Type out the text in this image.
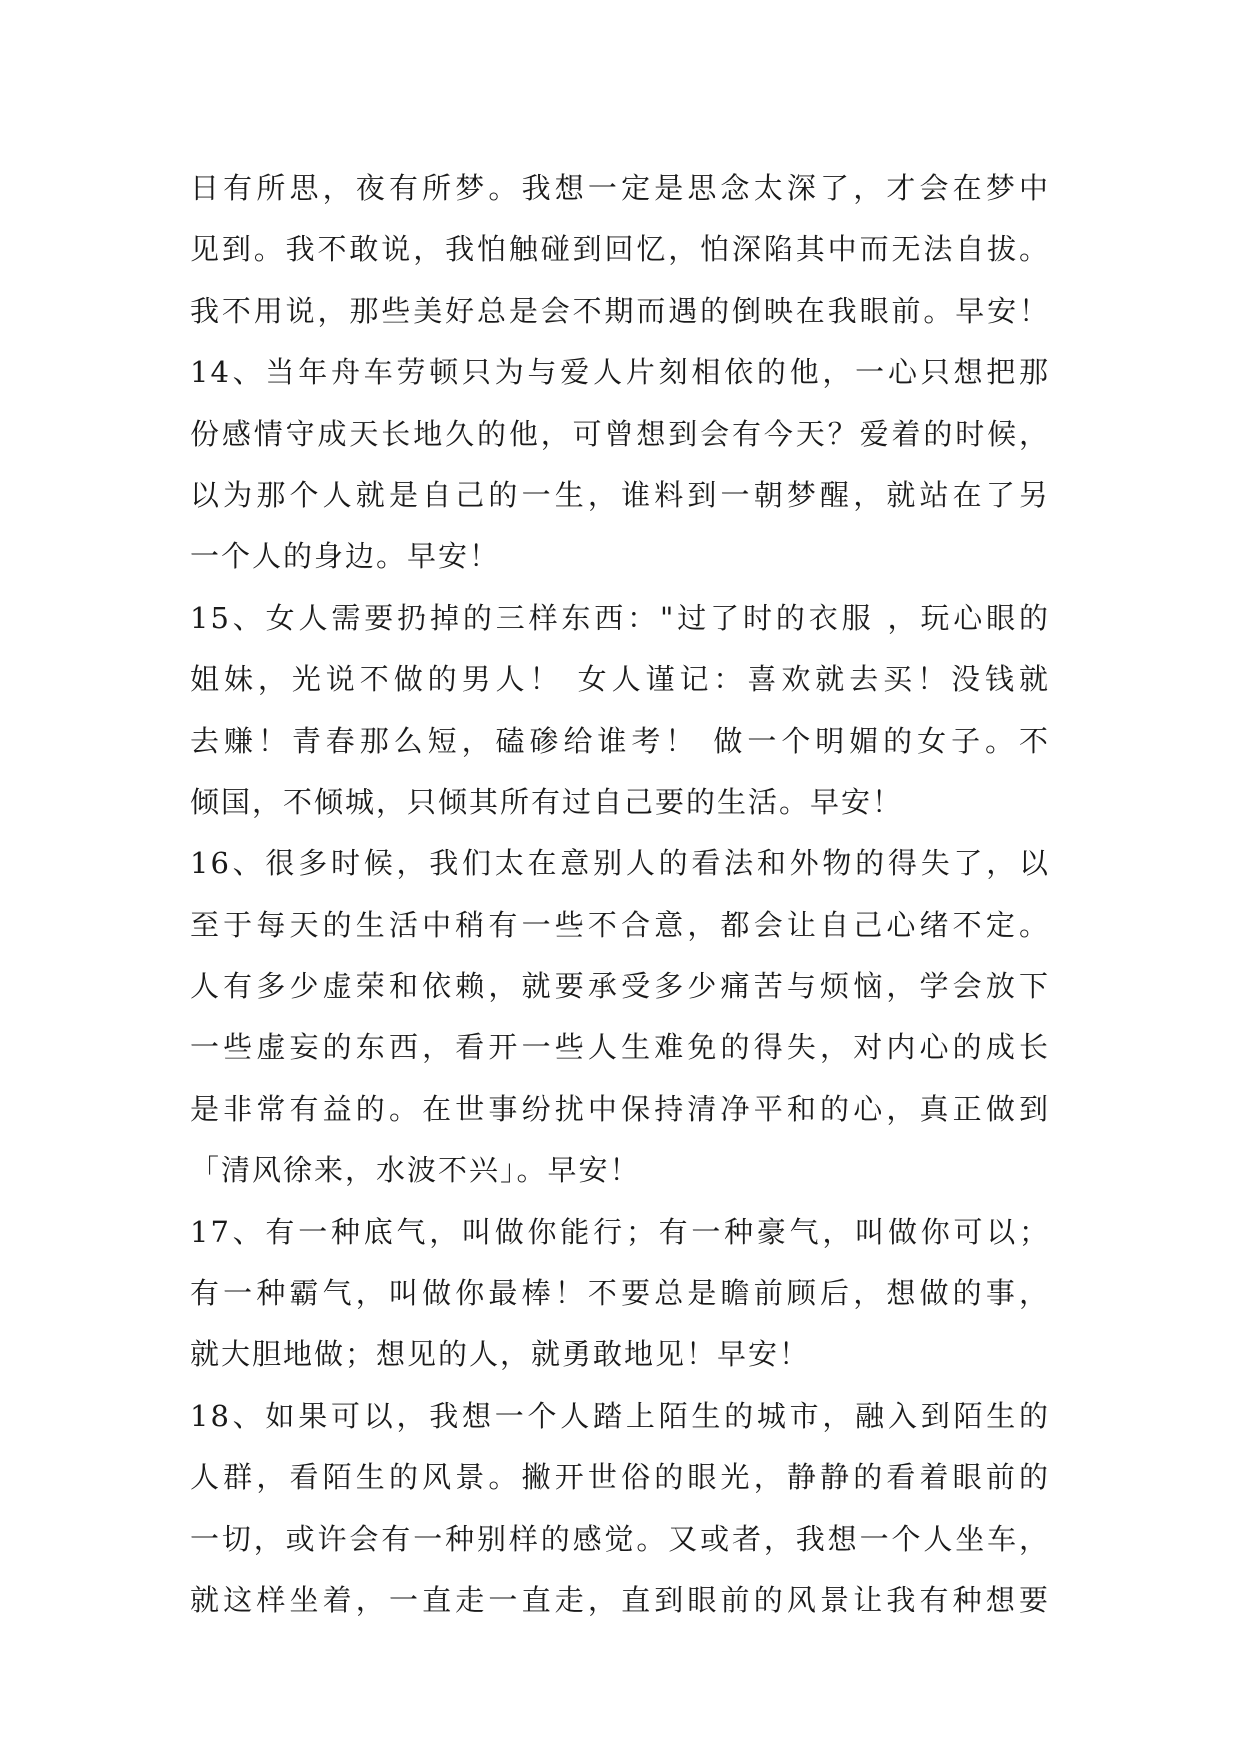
日有所思，夜有所梦。我想一定是思念太深了，才会在梦中
见到。我不敢说，我怕触碰到回忆，怕深陷其中而无法自拔。
我不用说，那些美好总是会不期而遇的倒映在我眼前。早安！
14、当年舟车劳顿只为与爱人片刻相依的他，一心只想把那
份感情守成天长地久的他，可曾想到会有今天？爱着的时候，
以为那个人就是自己的一生，谁料到一朝梦醒，就站在了另
一个人的身边。早安！
15、女人需要扔掉的三样东西："过了时的衣服 ，玩心眼的
姐妹，光说不做的男人！ 女人谨记：喜欢就去买！没钱就
去赚！青春那么短，磕碜给谁考！ 做一个明媚的女子。不
倾国，不倾城，只倾其所有过自己要的生活。早安！
16、很多时候，我们太在意别人的看法和外物的得失了，以
至于每天的生活中稍有一些不合意，都会让自己心绪不定。
人有多少虚荣和依赖，就要承受多少痛苦与烦恼，学会放下
一些虚妄的东西，看开一些人生难免的得失，对内心的成长
是非常有益的。在世事纷扰中保持清净平和的心，真正做到
「清风徐来，水波不兴」。早安！
17、有一种底气，叫做你能行；有一种豪气，叫做你可以；
有一种霸气，叫做你最棒！不要总是瞻前顾后，想做的事，
就大胆地做；想见的人，就勇敢地见！早安！
18、如果可以，我想一个人踏上陌生的城市，融入到陌生的
人群，看陌生的风景。撇开世俗的眼光，静静的看着眼前的
一切，或许会有一种别样的感觉。又或者，我想一个人坐车，
就这样坐着，一直走一直走，直到眼前的风景让我有种想要
